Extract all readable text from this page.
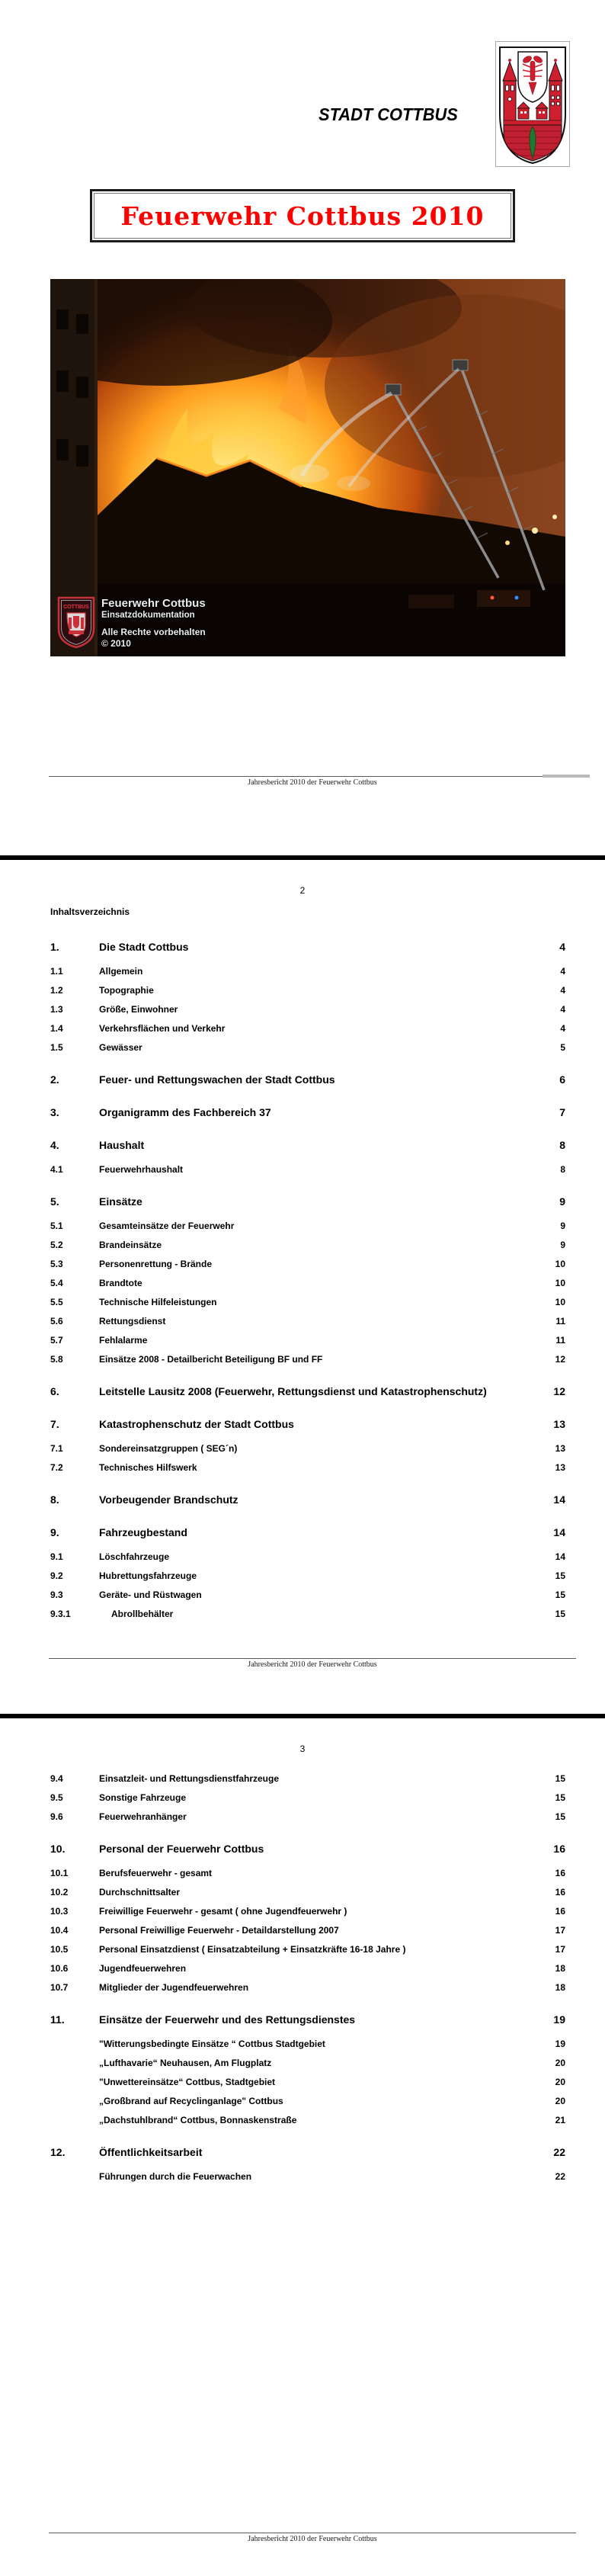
STADT COTTBUS
Feuerwehr Cottbus 2010
COTTBUS Feuerwehr Cottbus
Einsatzdokumentation
Alle Rechte vorbehalten
© 2010
Jahresbericht 2010 der Feuerwehr Cottbus
2
Inhaltsverzeichnis
1.	Die Stadt Cottbus	4
1.1	Allgemein	4
1.2	Topographie	4
1.3	Größe, Einwohner	4
1.4	Verkehrsflächen und Verkehr	4
1.5	Gewässer	5
2.	Feuer- und Rettungswachen der Stadt Cottbus	6
3.	Organigramm des Fachbereich 37	7
4.	Haushalt	8
4.1	Feuerwehrhaushalt	8
5.	Einsätze	9
5.1	Gesamteinsätze der Feuerwehr	9
5.2	Brandeinsätze	9
5.3	Personenrettung - Brände	10
5.4	Brandtote	10
5.5	Technische Hilfeleistungen	10
5.6	Rettungsdienst	11
5.7	Fehlalarme	11
5.8	Einsätze 2008 - Detailbericht Beteiligung BF und FF	12
6.	Leitstelle Lausitz 2008 (Feuerwehr, Rettungsdienst und Katastrophenschutz)	12
7.	Katastrophenschutz der Stadt Cottbus	13
7.1	Sondereinsatzgruppen ( SEG´n)	13
7.2	Technisches Hilfswerk	13
8.	Vorbeugender Brandschutz	14
9.	Fahrzeugbestand	14
9.1	Löschfahrzeuge	14
9.2	Hubrettungsfahrzeuge	15
9.3	Geräte- und Rüstwagen	15
9.3.1	Abrollbehälter	15
Jahresbericht 2010 der Feuerwehr Cottbus
3
9.4	Einsatzleit- und Rettungsdienstfahrzeuge	15
9.5	Sonstige Fahrzeuge	15
9.6	Feuerwehranhänger	15
10.	Personal der Feuerwehr Cottbus	16
10.1	Berufsfeuerwehr - gesamt	16
10.2	Durchschnittsalter	16
10.3	Freiwillige Feuerwehr - gesamt ( ohne Jugendfeuerwehr )	16
10.4	Personal Freiwillige Feuerwehr - Detaildarstellung 2007	17
10.5	Personal Einsatzdienst ( Einsatzabteilung + Einsatzkräfte 16-18 Jahre )	17
10.6	Jugendfeuerwehren	18
10.7	Mitglieder der Jugendfeuerwehren	18
11.	Einsätze der Feuerwehr und des Rettungsdienstes	19
"Witterungsbedingte Einsätze “ Cottbus Stadtgebiet	19
„Lufthavarie“ Neuhausen, Am Flugplatz	20
"Unwettereinsätze“ Cottbus, Stadtgebiet	20
„Großbrand auf Recyclinganlage" Cottbus	20
„Dachstuhlbrand“ Cottbus, Bonnaskenstraße	21
12.	Öffentlichkeitsarbeit	22
Führungen durch die Feuerwachen	22
Jahresbericht 2010 der Feuerwehr Cottbus
